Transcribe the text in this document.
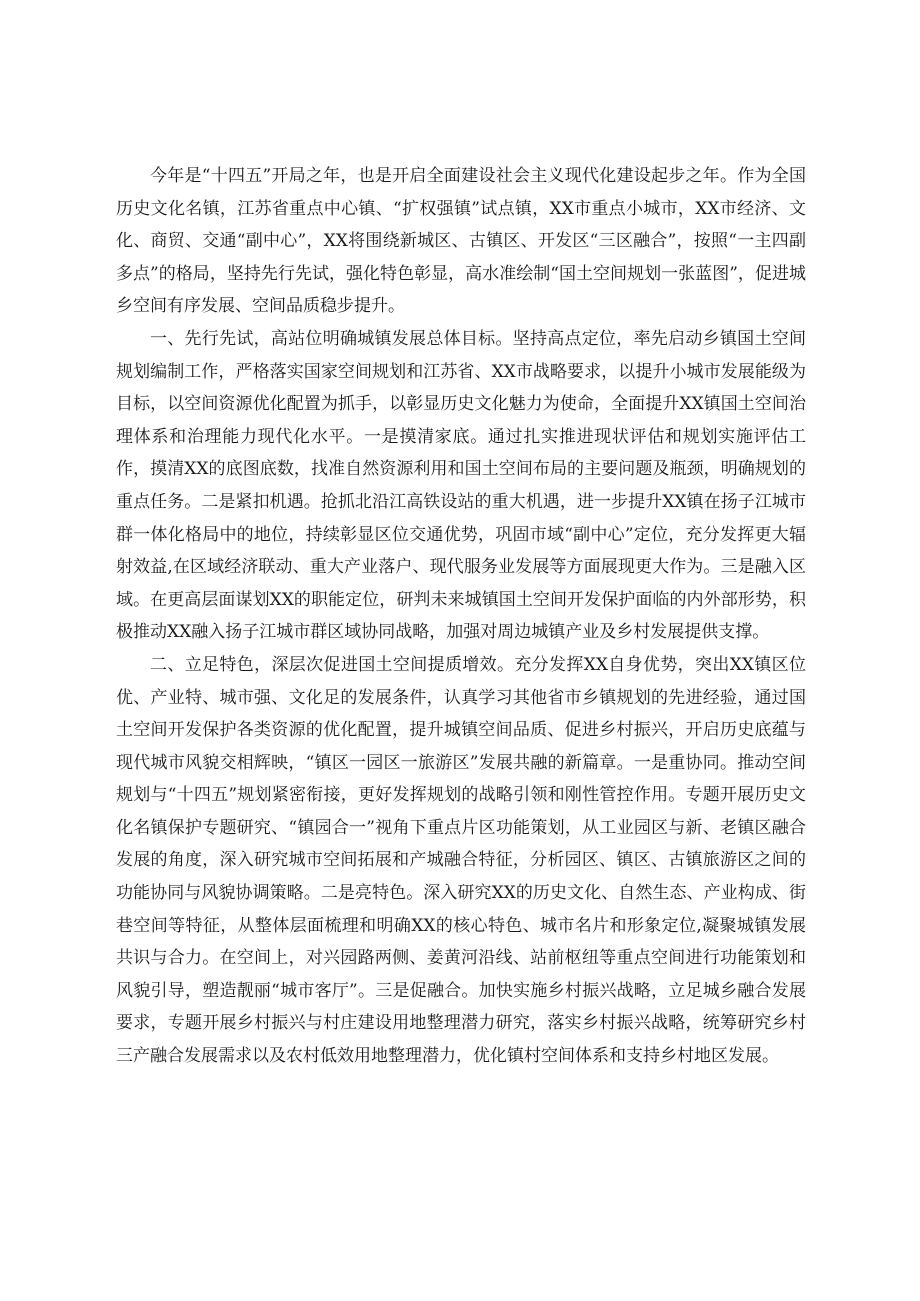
今年是“十四五”开局之年，也是开启全面建设社会主义现代化建设起步之年。作为全国历史文化名镇，江苏省重点中心镇、“扩权强镇”试点镇，XX市重点小城市，XX市经济、文化、商贸、交通“副中心”，XX将围绕新城区、古镇区、开发区“三区融合”，按照“一主四副多点”的格局，坚持先行先试，强化特色彰显，高水准绘制“国土空间规划一张蓝图”，促进城乡空间有序发展、空间品质稳步提升。

一、先行先试，高站位明确城镇发展总体目标。坚持高点定位，率先启动乡镇国土空间规划编制工作，严格落实国家空间规划和江苏省、XX市战略要求，以提升小城市发展能级为目标，以空间资源优化配置为抓手，以彰显历史文化魅力为使命，全面提升XX镇国土空间治理体系和治理能力现代化水平。一是摸清家底。通过扎实推进现状评估和规划实施评估工作，摸清XX的底图底数，找准自然资源利用和国土空间布局的主要问题及瓶颈，明确规划的重点任务。二是紧扣机遇。抢抓北沿江高铁设站的重大机遇，进一步提升XX镇在扬子江城市群一体化格局中的地位，持续彰显区位交通优势，巩固市域“副中心”定位，充分发挥更大辐射效益,在区域经济联动、重大产业落户、现代服务业发展等方面展现更大作为。三是融入区域。在更高层面谋划XX的职能定位，研判未来城镇国土空间开发保护面临的内外部形势，积极推动XX融入扬子江城市群区域协同战略，加强对周边城镇产业及乡村发展提供支撑。

二、立足特色，深层次促进国土空间提质增效。充分发挥XX自身优势，突出XX镇区位优、产业特、城市强、文化足的发展条件，认真学习其他省市乡镇规划的先进经验，通过国土空间开发保护各类资源的优化配置，提升城镇空间品质、促进乡村振兴，开启历史底蕴与现代城市风貌交相辉映，“镇区一园区一旅游区”发展共融的新篇章。一是重协同。推动空间规划与“十四五”规划紧密衔接，更好发挥规划的战略引领和刚性管控作用。专题开展历史文化名镇保护专题研究、“镇园合一”视角下重点片区功能策划，从工业园区与新、老镇区融合发展的角度，深入研究城市空间拓展和产城融合特征，分析园区、镇区、古镇旅游区之间的功能协同与风貌协调策略。二是亮特色。深入研究XX的历史文化、自然生态、产业构成、街巷空间等特征，从整体层面梳理和明确XX的核心特色、城市名片和形象定位,凝聚城镇发展共识与合力。在空间上，对兴园路两侧、姜黄河沿线、站前枢纽等重点空间进行功能策划和风貌引导，塑造靓丽“城市客厅”。三是促融合。加快实施乡村振兴战略，立足城乡融合发展要求，专题开展乡村振兴与村庄建设用地整理潜力研究，落实乡村振兴战略，统筹研究乡村三产融合发展需求以及农村低效用地整理潜力，优化镇村空间体系和支持乡村地区发展。
